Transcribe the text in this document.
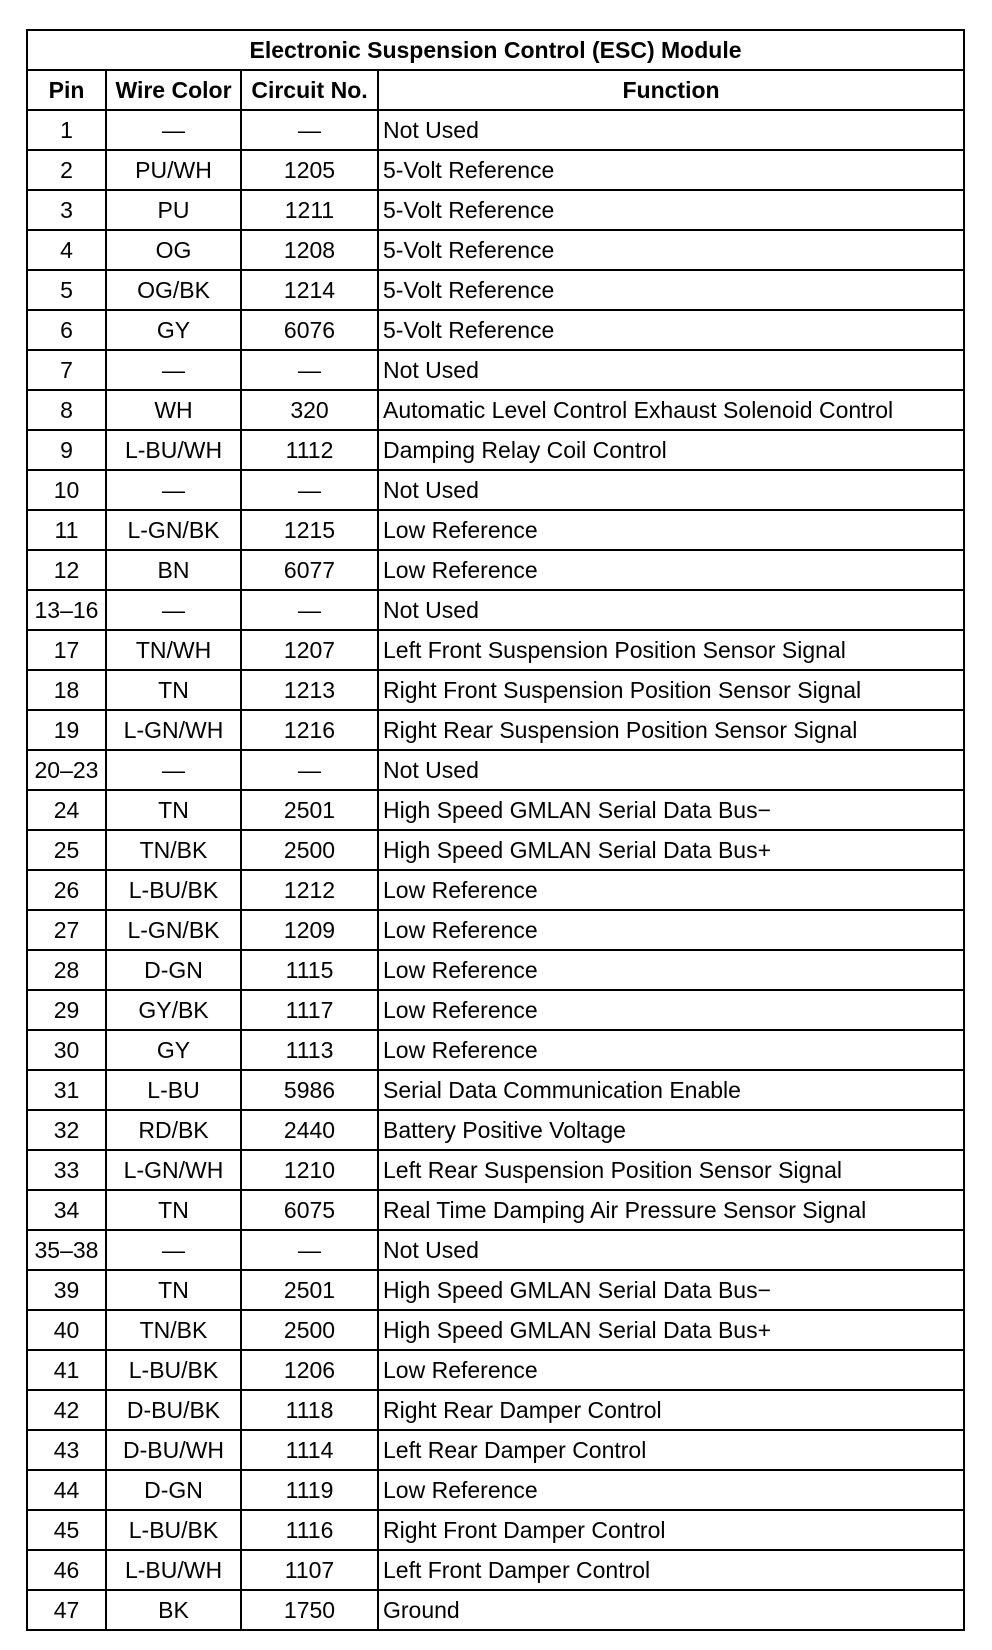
Electronic Suspension Control (ESC) Module			
Pin	Wire Color	Circuit No.	Function
1	—	—	Not Used
2	PU/WH	1205	5-Volt Reference
3	PU	1211	5-Volt Reference
4	OG	1208	5-Volt Reference
5	OG/BK	1214	5-Volt Reference
6	GY	6076	5-Volt Reference
7	—	—	Not Used
8	WH	320	Automatic Level Control Exhaust Solenoid Control
9	L-BU/WH	1112	Damping Relay Coil Control
10	—	—	Not Used
11	L-GN/BK	1215	Low Reference
12	BN	6077	Low Reference
13–16	—	—	Not Used
17	TN/WH	1207	Left Front Suspension Position Sensor Signal
18	TN	1213	Right Front Suspension Position Sensor Signal
19	L-GN/WH	1216	Right Rear Suspension Position Sensor Signal
20–23	—	—	Not Used
24	TN	2501	High Speed GMLAN Serial Data Bus−
25	TN/BK	2500	High Speed GMLAN Serial Data Bus+
26	L-BU/BK	1212	Low Reference
27	L-GN/BK	1209	Low Reference
28	D-GN	1115	Low Reference
29	GY/BK	1117	Low Reference
30	GY	1113	Low Reference
31	L-BU	5986	Serial Data Communication Enable
32	RD/BK	2440	Battery Positive Voltage
33	L-GN/WH	1210	Left Rear Suspension Position Sensor Signal
34	TN	6075	Real Time Damping Air Pressure Sensor Signal
35–38	—	—	Not Used
39	TN	2501	High Speed GMLAN Serial Data Bus−
40	TN/BK	2500	High Speed GMLAN Serial Data Bus+
41	L-BU/BK	1206	Low Reference
42	D-BU/BK	1118	Right Rear Damper Control
43	D-BU/WH	1114	Left Rear Damper Control
44	D-GN	1119	Low Reference
45	L-BU/BK	1116	Right Front Damper Control
46	L-BU/WH	1107	Left Front Damper Control
47	BK	1750	Ground
